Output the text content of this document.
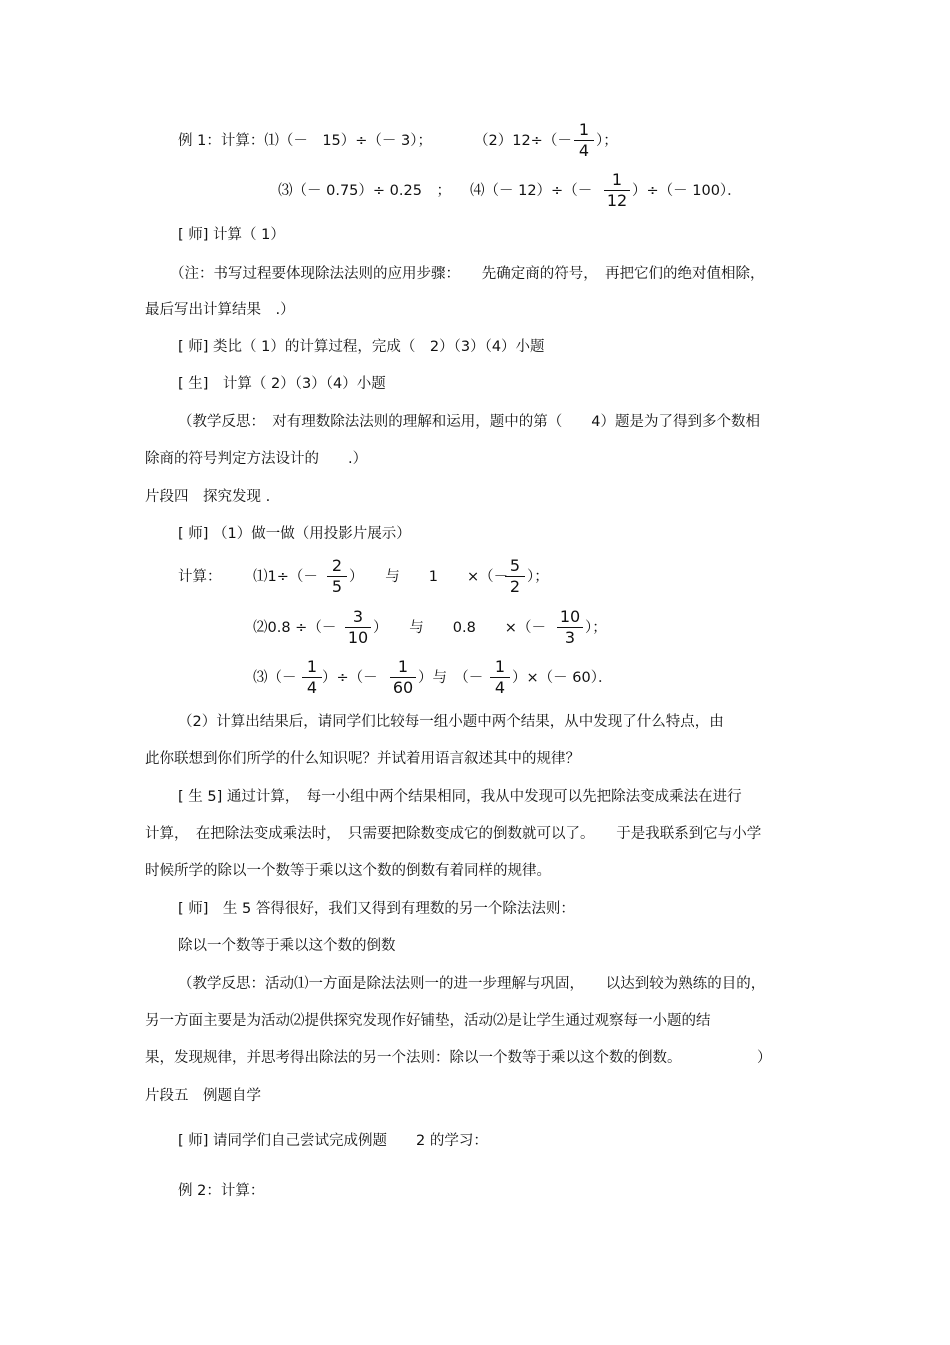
例 1：计算：⑴（－　15）÷（－ 3）；	（2）12÷（－
1
4 ）；
⑶（－ 0.75）÷ 0.25　； ⑷（－ 12）÷（－
1
12 ）÷（－ 100）．
[ 师] 计算（ 1）
（注：书写过程要体现除法法则的应用步骤：　　先确定商的符号，　再把它们的绝对值相除，
最后写出计算结果　.）
[ 师] 类比（ 1）的计算过程，完成（　2）（3）（4）小题
[ 生]　计算（ 2）（3）（4）小题
（教学反思：　对有理数除法法则的理解和运用，题中的第（　　4）题是为了得到多个数相
除商的符号判定方法设计的　　.）
片段四　探究发现 .
[ 师] （1）做一做（用投影片展示）
计算： ⑴1÷（－
2
5 ）　　与　　1　　×（－
5
2 ）；
⑵0.8 ÷（－
3
10 ）　　与　　0.8　　×（－
10
3 ）；
⑶（－
1
4 ）÷（－
1
60 ）与　（－
1
4 ）×（－ 60）．
（2）计算出结果后，请同学们比较每一组小题中两个结果，从中发现了什么特点，由
此你联想到你们所学的什么知识呢？并试着用语言叙述其中的规律？
[ 生 5] 通过计算，　每一小组中两个结果相同，我从中发现可以先把除法变成乘法在进行
计算，　在把除法变成乘法时，　只需要把除数变成它的倒数就可以了。　　于是我联系到它与小学
时候所学的除以一个数等于乘以这个数的倒数有着同样的规律。
[ 师]　生 5 答得很好，我们又得到有理数的另一个除法法则：
除以一个数等于乘以这个数的倒数
（教学反思：活动⑴一方面是除法法则一的进一步理解与巩固，　　以达到较为熟练的目的，
另一方面主要是为活动⑵提供探究发现作好铺垫，活动⑵是让学生通过观察每一小题的结
果，发现规律，并思考得出除法的另一个法则：除以一个数等于乘以这个数的倒数。	）
片段五　例题自学
[ 师] 请同学们自己尝试完成例题　　2 的学习：
例 2：计算：
